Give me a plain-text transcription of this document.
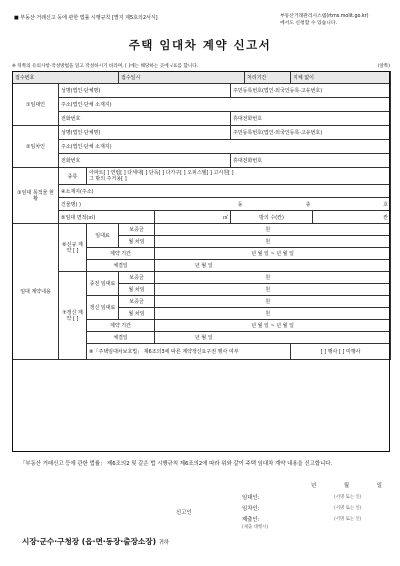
■ 부동산 거래신고 등에 관한 법률 시행규칙 [별지 제5호의2서식]	부동산거래관리시스템(rtms.molit.go.kr)
에서도 신청할 수 있습니다.
주택 임대차 계약 신고서
※ 뒤쪽의 유의사항·작성방법을 읽고 작성하시기 바라며, [ ]에는 해당하는 곳에 √표를 합니다.	(앞쪽)
접수번호			접수일시				처리기간	지체 없이	
①임대인	성명(법인·단체명)					주민등록번호(법인·외국인등록·고유번호)			
	주소(법인·단체 소재지)								
	전화번호					휴대전화번호			
②임차인	성명(법인·단체명)					주민등록번호(법인·외국인등록·고유번호)			
	주소(법인·단체 소재지)								
	전화번호					휴대전화번호			
③임대 목적물 현황	종류	아파트[ ] 연립[ ] 다세대[ ] 단독[ ] 다가구[ ] 오피스텔[ ] 고시원[ ]
그 밖의 주거용[ ]							

	④소재지(주소)								
	건물명( )				동		층		호
	⑤임대 면적(㎡)			㎡		방의 수(칸)			칸
임대 계약내용	⑥신규 계약 [ ]	임대료	보증금	원					
			월 차임	원					
		계약 기간		년 월 일 ~ 년 월 일					
		체결일		년 월 일					
	⑦갱신 계약 [ ]	종전 임대료	보증금	원					
			월 차임	원					
		갱신 임대료	보증금	원					
			월 차임	원					
		계약 기간		년 월 일 ~ 년 월 일					
		체결일		년 월 일					
		⑧「주택임대차보호법」 제6조의3에 따른 계약갱신요구권 행사 여부						[ ] 행사 [ ] 미행사	

「부동산 거래신고 등에 관한 법률」 제6조의2 및 같은 법 시행규칙 제6조의2에 따라 위와 같이 주택 임대차 계약 내용을 신고합니다.
년 월 일
신고인
임대인:	(서명 또는 인)
임차인:	(서명 또는 인)
제출인:	(서명 또는 인)
(제출 대행시)
시장·군수·구청장 (읍·면·동장·출장소장) 귀하
